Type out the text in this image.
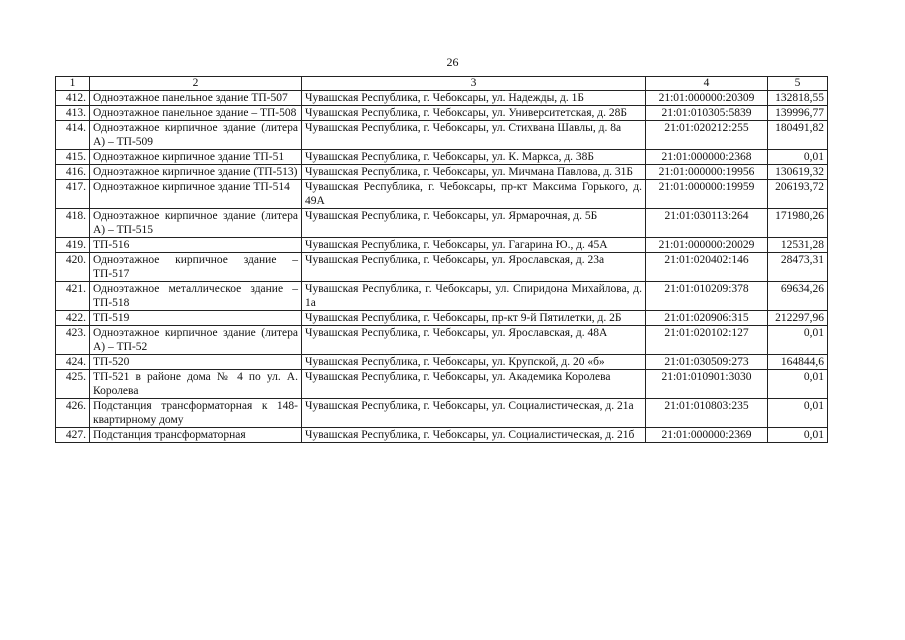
26
1	2	3	4	5
412.	Одноэтажное панельное здание ТП-507	Чувашская Республика, г. Чебоксары, ул. Надежды, д. 1Б	21:01:000000:20309	132818,55
413.	Одноэтажное панельное здание – ТП-508	Чувашская Республика, г. Чебоксары, ул. Университетская, д. 28Б	21:01:010305:5839	139996,77
414.	Одноэтажное кирпичное здание (литера А) – ТП-509	Чувашская Республика, г. Чебоксары, ул. Стихвана Шавлы, д. 8а	21:01:020212:255	180491,82
415.	Одноэтажное кирпичное здание ТП-51	Чувашская Республика, г. Чебоксары, ул. К. Маркса, д. 38Б	21:01:000000:2368	0,01
416.	Одноэтажное кирпичное здание (ТП-513)	Чувашская Республика, г. Чебоксары, ул. Мичмана Павлова, д. 31Б	21:01:000000:19956	130619,32
417.	Одноэтажное кирпичное здание ТП-514	Чувашская Республика, г. Чебоксары, пр-кт Максима Горького, д. 49А	21:01:000000:19959	206193,72
418.	Одноэтажное кирпичное здание (литера А) – ТП-515	Чувашская Республика, г. Чебоксары, ул. Ярмарочная, д. 5Б	21:01:030113:264	171980,26
419.	ТП-516	Чувашская Республика, г. Чебоксары, ул. Гагарина Ю., д. 45А	21:01:000000:20029	12531,28
420.	Одноэтажное кирпичное здание – ТП-517	Чувашская Республика, г. Чебоксары, ул. Ярославская, д. 23а	21:01:020402:146	28473,31
421.	Одноэтажное металлическое здание – ТП-518	Чувашская Республика, г. Чебоксары, ул. Спиридона Михайлова, д. 1а	21:01:010209:378	69634,26
422.	ТП-519	Чувашская Республика, г. Чебоксары, пр-кт 9-й Пятилетки, д. 2Б	21:01:020906:315	212297,96
423.	Одноэтажное кирпичное здание (литера А) – ТП-52	Чувашская Республика, г. Чебоксары, ул. Ярославская, д. 48А	21:01:020102:127	0,01
424.	ТП-520	Чувашская Республика, г. Чебоксары, ул. Крупской, д. 20 «б»	21:01:030509:273	164844,6
425.	ТП-521 в районе дома № 4 по ул. А. Королева	Чувашская Республика, г. Чебоксары, ул. Академика Королева	21:01:010901:3030	0,01
426.	Подстанция трансформаторная к 148-квартирному дому	Чувашская Республика, г. Чебоксары, ул. Социалистическая, д. 21а	21:01:010803:235	0,01
427.	Подстанция трансформаторная	Чувашская Республика, г. Чебоксары, ул. Социалистическая, д. 21б	21:01:000000:2369	0,01
